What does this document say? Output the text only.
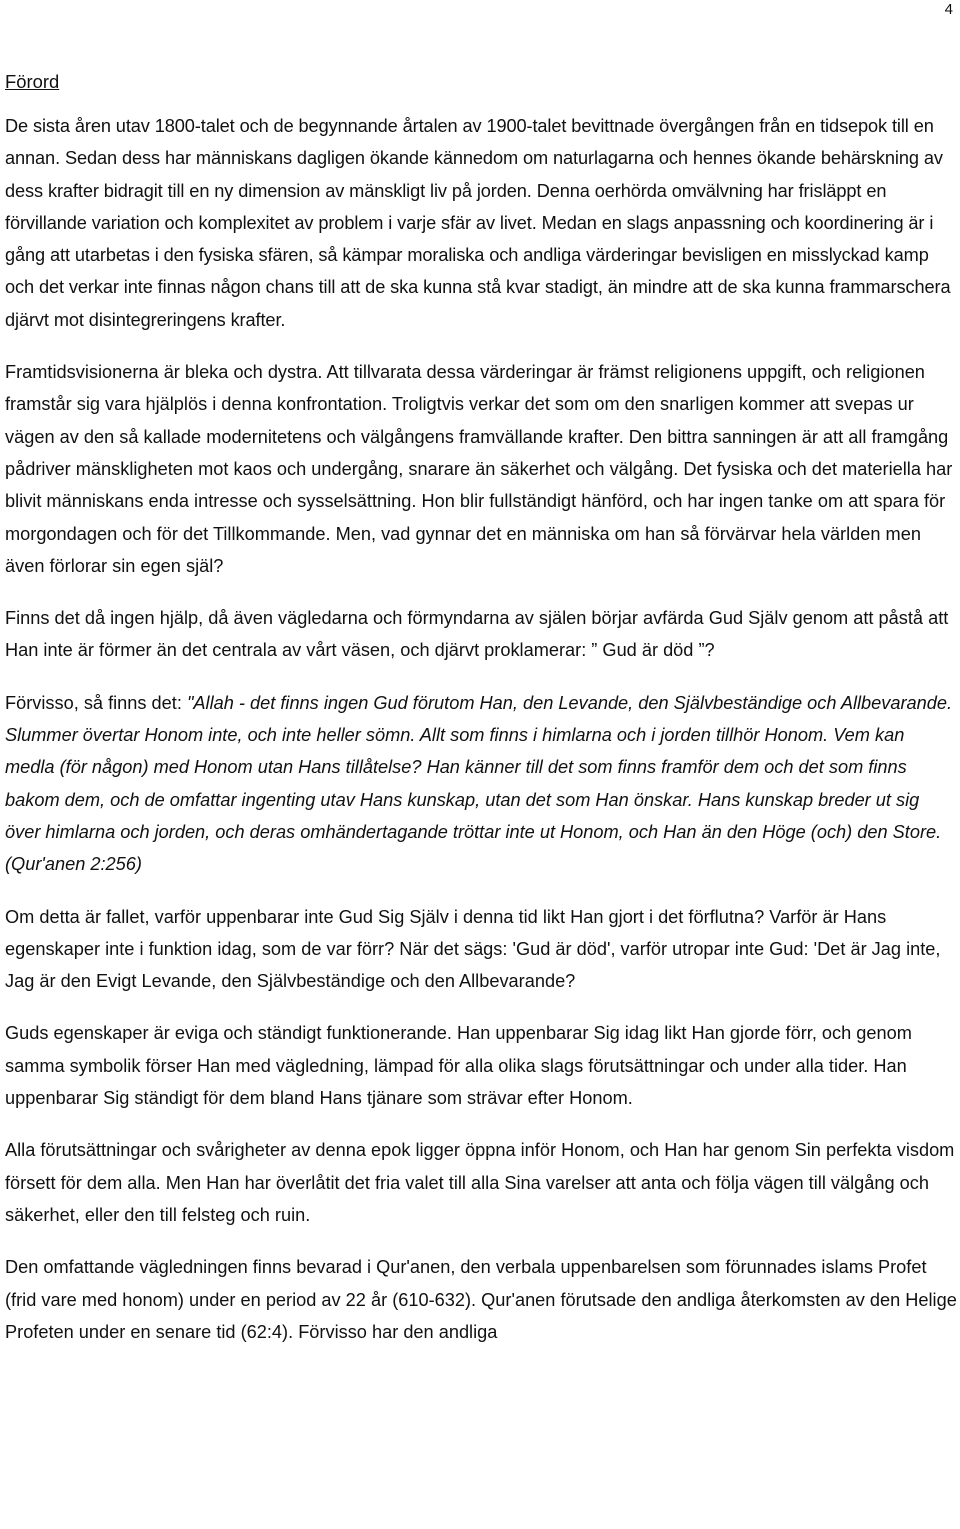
4
Förord

De sista åren utav 1800-talet och de begynnande årtalen av 1900-talet bevittnade övergången från en tidsepok till en annan. Sedan dess har människans dagligen ökande kännedom om naturlagarna och hennes ökande behärskning av dess krafter bidragit till en ny dimension av mänskligt liv på jorden. Denna oerhörda omvälvning har frisläppt en förvillande variation och komplexitet av problem i varje sfär av livet. Medan en slags anpassning och koordinering är i gång att utarbetas i den fysiska sfären, så kämpar moraliska och andliga värderingar bevisligen en misslyckad kamp och det verkar inte finnas någon chans till att de ska kunna stå kvar stadigt, än mindre att de ska kunna frammarschera djärvt mot disintegreringens krafter.

Framtidsvisionerna är bleka och dystra. Att tillvarata dessa värderingar är främst religionens uppgift, och religionen framstår sig vara hjälplös i denna konfrontation. Troligtvis verkar det som om den snarligen kommer att svepas ur vägen av den så kallade modernitetens och välgångens framvällande krafter. Den bittra sanningen är att all framgång pådriver mänskligheten mot kaos och undergång, snarare än säkerhet och välgång. Det fysiska och det materiella har blivit människans enda intresse och sysselsättning. Hon blir fullständigt hänförd, och har ingen tanke om att spara för morgondagen och för det Tillkommande. Men, vad gynnar det en människa om han så förvärvar hela världen men även förlorar sin egen själ?

Finns det då ingen hjälp, då även vägledarna och förmyndarna av själen börjar avfärda Gud Själv genom att påstå att Han inte är förmer än det centrala av vårt väsen, och djärvt proklamerar: ” Gud är död ”?

Förvisso, så finns det: "Allah - det finns ingen Gud förutom Han, den Levande, den Självbeständige och Allbevarande. Slummer övertar Honom inte, och inte heller sömn. Allt som finns i himlarna och i jorden tillhör Honom. Vem kan medla (för någon) med Honom utan Hans tillåtelse? Han känner till det som finns framför dem och det som finns bakom dem, och de omfattar ingenting utav Hans kunskap, utan det som Han önskar. Hans kunskap breder ut sig över himlarna och jorden, och deras omhändertagande tröttar inte ut Honom, och Han än den Höge (och) den Store. (Qur'anen 2:256)

Om detta är fallet, varför uppenbarar inte Gud Sig Själv i denna tid likt Han gjort i det förflutna? Varför är Hans egenskaper inte i funktion idag, som de var förr? När det sägs: 'Gud är död', varför utropar inte Gud: 'Det är Jag inte, Jag är den Evigt Levande, den Självbeständige och den Allbevarande?

Guds egenskaper är eviga och ständigt funktionerande. Han uppenbarar Sig idag likt Han gjorde förr, och genom samma symbolik förser Han med vägledning, lämpad för alla olika slags förutsättningar och under alla tider. Han uppenbarar Sig ständigt för dem bland Hans tjänare som strävar efter Honom.

Alla förutsättningar och svårigheter av denna epok ligger öppna inför Honom, och Han har genom Sin perfekta visdom försett för dem alla. Men Han har överlåtit det fria valet till alla Sina varelser att anta och följa vägen till välgång och säkerhet, eller den till felsteg och ruin.

Den omfattande vägledningen finns bevarad i Qur'anen, den verbala uppenbarelsen som förunnades islams Profet (frid vare med honom) under en period av 22 år (610-632). Qur'anen förutsade den andliga återkomsten av den Helige Profeten under en senare tid (62:4). Förvisso har den andliga
